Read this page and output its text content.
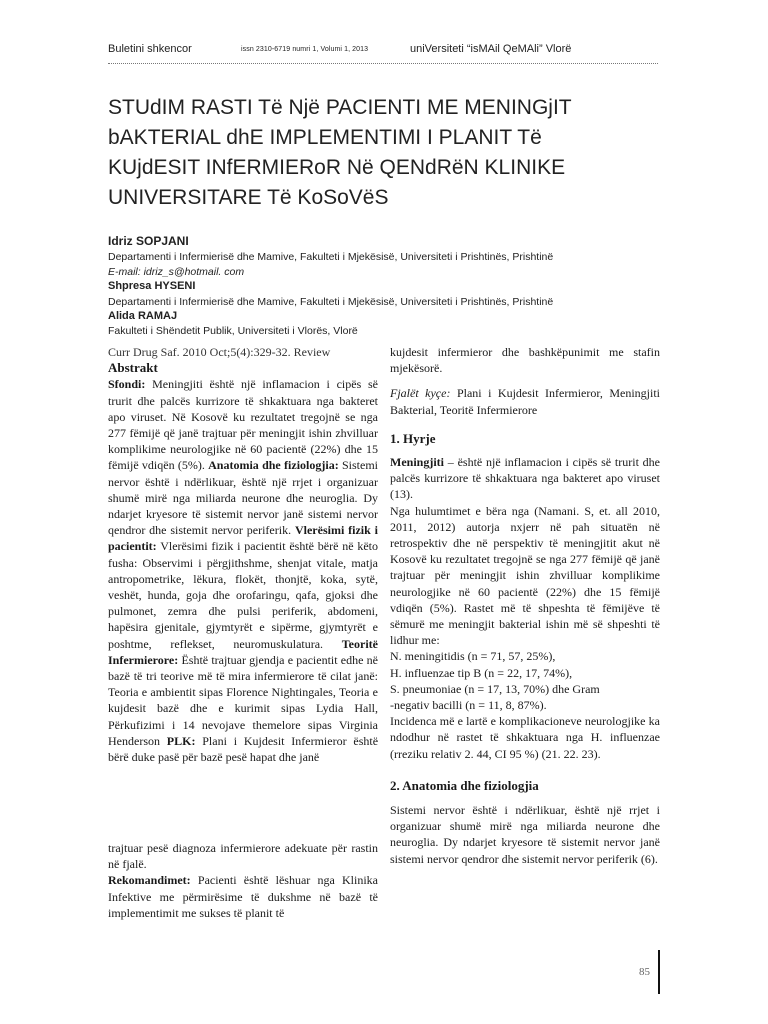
Buletini shkencor	issn 2310-6719 numri 1, Volumi 1, 2013	uniVersiteti “isMAil QeMAli” Vlorë
STUdIM RASTI Të Një PACIENTI ME MENINGjIT
bAKTERIAL dhE IMPLEMENTIMI I PLANIT Të
KUjdESIT INfERMIERoR Në QENdRëN KLINIKE
UNIVERSITARE Të KoSoVëS
Idriz SOPJANI
Departamenti i Infermierisë dhe Mamive, Fakulteti i Mjekësisë, Universiteti i Prishtinës, Prishtinë
E-mail: idriz_s@hotmail. com
Shpresa HYSENI
Departamenti i Infermierisë dhe Mamive, Fakulteti i Mjekësisë, Universiteti i Prishtinës, Prishtinë
Alida RAMAJ
Fakulteti i Shëndetit Publik, Universiteti i Vlorës, Vlorë

Curr Drug Saf. 2010 Oct;5(4):329-32. Review

Abstrakt

Sfondi: Meningjiti është një inflamacion i cipës së trurit dhe palcës kurrizore të shkaktuara nga bakteret apo viruset. Në Kosovë ku rezultatet tregojnë se nga 277 fëmijë që janë trajtuar për meningjit ishin zhvilluar komplikime neurologjike në 60 pacientë (22%) dhe 15 fëmijë vdiqën (5%). Anatomia dhe fiziologjia: Sistemi nervor është i ndërlikuar, është një rrjet i organizuar shumë mirë nga miliarda neurone dhe neuroglia. Dy ndarjet kryesore të sistemit nervor janë sistemi nervor qendror dhe sistemit nervor periferik. Vlerësimi fizik i pacientit: Vlerësimi fizik i pacientit është bërë në këto fusha: Observimi i përgjithshme, shenjat vitale, matja antropometrike, lëkura, flokët, thonjtë, koka, sytë, veshët, hunda, goja dhe orofaringu, qafa, gjoksi dhe pulmonet, zemra dhe pulsi periferik, abdomeni, hapësira gjenitale, gjymtyrët e sipërme, gjymtyrët e poshtme, reflekset, neuromuskulatura. Teoritë Infermierore: Është trajtuar gjendja e pacientit edhe në bazë të tri teorive më të mira infermierore të cilat janë: Teoria e ambientit sipas Florence Nightingales, Teoria e kujdesit bazë dhe e kurimit sipas Lydia Hall, Përkufizimi i 14 nevojave themelore sipas Virginia Henderson PLK: Plani i Kujdesit Infermieror është bërë duke pasë për bazë pesë hapat dhe janë

trajtuar pesë diagnoza infermierore adekuate për rastin në fjalë.

Rekomandimet: Pacienti është lëshuar nga Klinika Infektive me përmirësime të dukshme në bazë të implementimit me sukses të planit të

kujdesit infermieror dhe bashkëpunimit me stafin mjekësorë.

Fjalët kyçe: Plani i Kujdesit Infermieror, Meningjiti Bakterial, Teoritë Infermierore

1. Hyrje

Meningjiti – është një inflamacion i cipës së trurit dhe palcës kurrizore të shkaktuara nga bakteret apo viruset (13).

Nga hulumtimet e bëra nga (Namani. S, et. all 2010, 2011, 2012) autorja nxjerr në pah situatën në retrospektiv dhe në perspektiv të meningjitit akut në Kosovë ku rezultatet tregojnë se nga 277 fëmijë që janë trajtuar për meningjit ishin zhvilluar komplikime neurologjike në 60 pacientë (22%) dhe 15 fëmijë vdiqën (5%). Rastet më të shpeshta të fëmijëve të sëmurë me meningjit bakterial ishin më së shpeshti të lidhur me:

N. meningitidis (n = 71, 57, 25%),
H. influenzae tip B (n = 22, 17, 74%),
S. pneumoniae (n = 17, 13, 70%) dhe Gram
-negativ bacilli (n = 11, 8, 87%).

Incidenca më e lartë e komplikacioneve neurologjike ka ndodhur në rastet të shkaktuara nga H. influenzae (rreziku relativ 2. 44, CI 95 %) (21. 22. 23).

2. Anatomia dhe fiziologjia

Sistemi nervor është i ndërlikuar, është një rrjet i organizuar shumë mirë nga miliarda neurone dhe neuroglia. Dy ndarjet kryesore të sistemit nervor janë sistemi nervor qendror dhe sistemit nervor periferik (6).

85
